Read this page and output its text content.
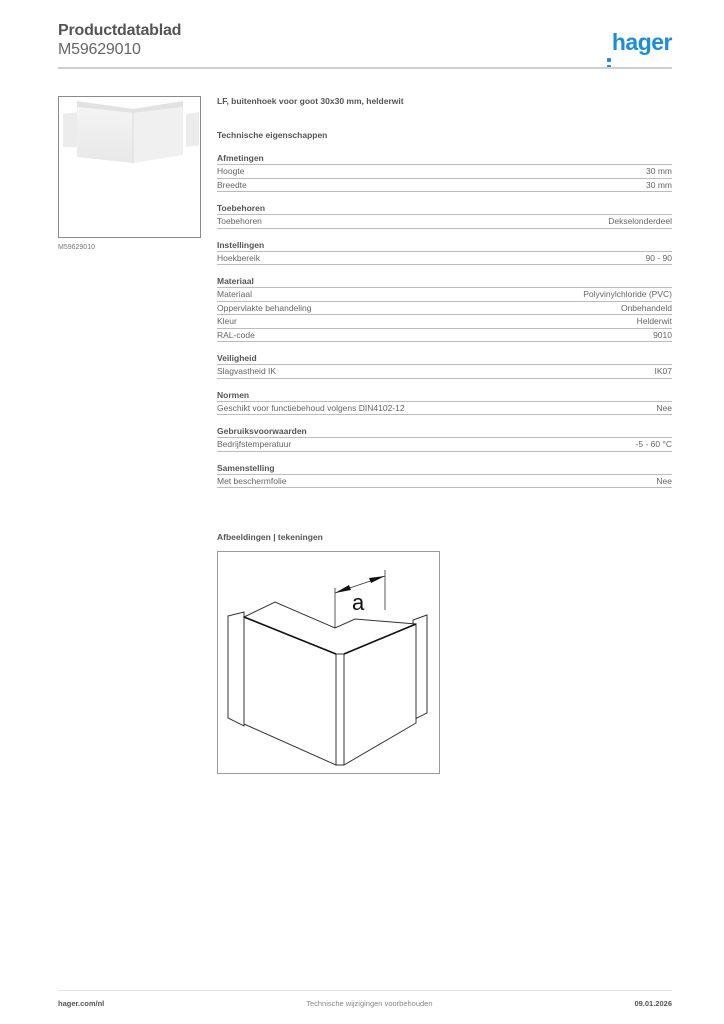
Productdatablad
M59629010	hager
M59629010
LF, buitenhoek voor goot 30x30 mm, helderwit
Technische eigenschappen
Afmetingen
Hoogte	30 mm
Breedte	30 mm
Toebehoren
Toebehoren	Dekselonderdeel
Instellingen
Hoekbereik	90 - 90
Materiaal
Materiaal	Polyvinylchloride (PVC)
Oppervlakte behandeling	Onbehandeld
Kleur	Helderwit
RAL-code	9010
Veiligheid
Slagvastheid IK	IK07
Normen
Geschikt voor functiebehoud volgens DIN4102-12	Nee
Gebruiksvoorwaarden
Bedrijfstemperatuur	-5 - 60 °C
Samenstelling
Met beschermfolie	Nee
Afbeeldingen | tekeningen
a
hager.com/nl	Technische wijzigingen voorbehouden	09.01.2026
